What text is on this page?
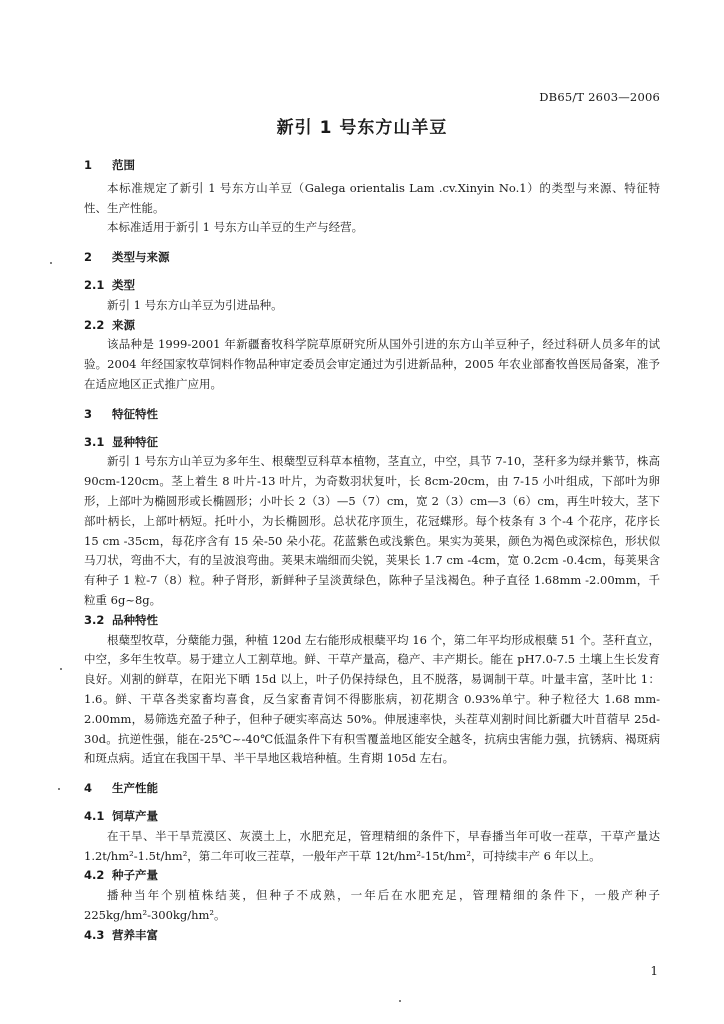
DB65/T 2603—2006
新引 1 号东方山羊豆
1 范围

本标准规定了新引 1 号东方山羊豆（Galega orientalis Lam .cv.Xinyin No.1）的类型与来源、特征特性、生产性能。

本标准适用于新引 1 号东方山羊豆的生产与经营。

2 类型与来源
2.1 类型

新引 1 号东方山羊豆为引进品种。

2.2 来源

该品种是 1999-2001 年新疆畜牧科学院草原研究所从国外引进的东方山羊豆种子，经过科研人员多年的试验。2004 年经国家牧草饲料作物品种审定委员会审定通过为引进新品种，2005 年农业部畜牧兽医局备案，准予在适应地区正式推广应用。

3 特征特性
3.1 显种特征

新引 1 号东方山羊豆为多年生、根蘖型豆科草本植物，茎直立，中空，具节 7-10，茎秆多为绿并紫节，株高 90cm-120cm。茎上着生 8 叶片-13 叶片，为奇数羽状复叶，长 8cm-20cm，由 7-15 小叶组成，下部叶为卵形，上部叶为椭圆形或长椭圆形；小叶长 2（3）—5（7）cm，宽 2（3）cm—3（6）cm，再生叶较大，茎下部叶柄长，上部叶柄短。托叶小，为长椭圆形。总状花序顶生，花冠蝶形。每个枝条有 3 个-4 个花序，花序长 15 cm -35cm，每花序含有 15 朵-50 朵小花。花蓝紫色或浅紫色。果实为荚果，颜色为褐色或深棕色，形状似马刀状，弯曲不大，有的呈波浪弯曲。荚果末端细而尖锐，荚果长 1.7 cm -4cm，宽 0.2cm -0.4cm，每荚果含有种子 1 粒-7（8）粒。种子肾形，新鲜种子呈淡黄绿色，陈种子呈浅褐色。种子直径 1.68mm -2.00mm，千粒重 6g~8g。

3.2 品种特性

根蘖型牧草，分蘖能力强，种植 120d 左右能形成根蘖平均 16 个，第二年平均形成根蘖 51 个。茎秆直立，中空，多年生牧草。易于建立人工割草地。鲜、干草产量高，稳产、丰产期长。能在 pH7.0-7.5 土壤上生长发育良好。刈割的鲜草，在阳光下晒 15d 以上，叶子仍保持绿色，且不脱落，易调制干草。叶量丰富，茎叶比 1：1.6。鲜、干草各类家畜均喜食，反刍家畜青饲不得膨胀病，初花期含 0.93%单宁。种子粒径大 1.68 mm-2.00mm，易筛选充盈子种子，但种子硬实率高达 50%。伸展速率快，头茬草刈割时间比新疆大叶苜蓿早 25d-30d。抗逆性强，能在-25℃~-40℃低温条件下有积雪覆盖地区能安全越冬，抗病虫害能力强，抗锈病、褐斑病和斑点病。适宜在我国干旱、半干旱地区栽培种植。生育期 105d 左右。

4 生产性能
4.1 饲草产量

在干旱、半干旱荒漠区、灰漠土上，水肥充足，管理精细的条件下，早春播当年可收一茬草，干草产量达 1.2t/hm²-1.5t/hm²，第二年可收三茬草，一般年产干草 12t/hm²-15t/hm²，可持续丰产 6 年以上。

4.2 种子产量

播种当年个别植株结荚，但种子不成熟，一年后在水肥充足，管理精细的条件下，一般产种子 225kg/hm²-300kg/hm²。

4.3 营养丰富
1
